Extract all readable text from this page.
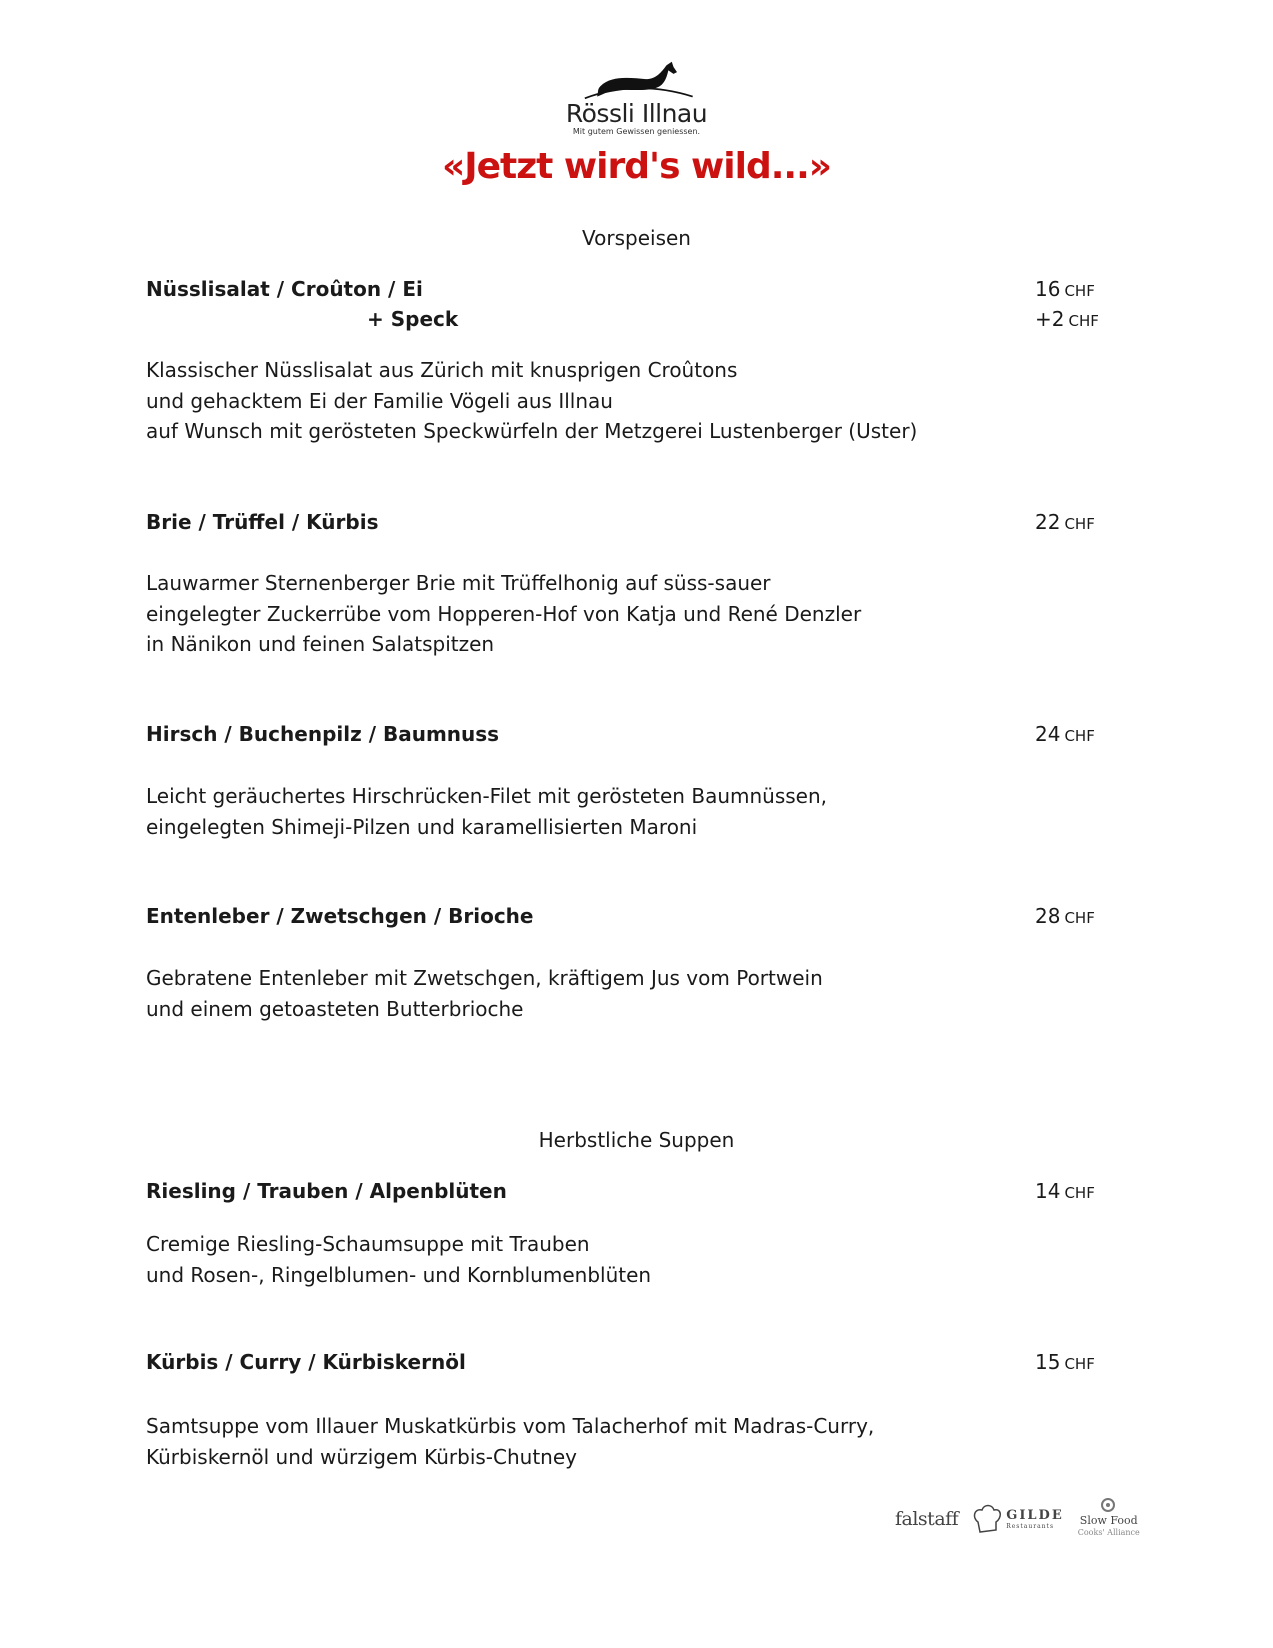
Rössli Illnau
Mit gutem Gewissen geniessen.
«Jetzt wird's wild...»
Vorspeisen
Nüsslisalat / Croûton / Ei	16 CHF
+ Speck	+2 CHF
Klassischer Nüsslisalat aus Zürich mit knusprigen Croûtons
und gehacktem Ei der Familie Vögeli aus Illnau
auf Wunsch mit gerösteten Speckwürfeln der Metzgerei Lustenberger (Uster)
Brie / Trüffel / Kürbis	22 CHF
Lauwarmer Sternenberger Brie mit Trüffelhonig auf süss-sauer
eingelegter Zuckerrübe vom Hopperen-Hof von Katja und René Denzler
in Nänikon und feinen Salatspitzen
Hirsch / Buchenpilz / Baumnuss	24 CHF
Leicht geräuchertes Hirschrücken-Filet mit gerösteten Baumnüssen,
eingelegten Shimeji-Pilzen und karamellisierten Maroni
Entenleber / Zwetschgen / Brioche	28 CHF
Gebratene Entenleber mit Zwetschgen, kräftigem Jus vom Portwein
und einem getoasteten Butterbrioche
Herbstliche Suppen
Riesling / Trauben / Alpenblüten	14 CHF
Cremige Riesling-Schaumsuppe mit Trauben
und Rosen-, Ringelblumen- und Kornblumenblüten
Kürbis / Curry / Kürbiskernöl	15 CHF
Samtsuppe vom Illauer Muskatkürbis vom Talacherhof mit Madras-Curry,
Kürbiskernöl und würzigem Kürbis-Chutney
falstaff	GILDE
Restaurants	Slow Food
Cooks' Alliance
